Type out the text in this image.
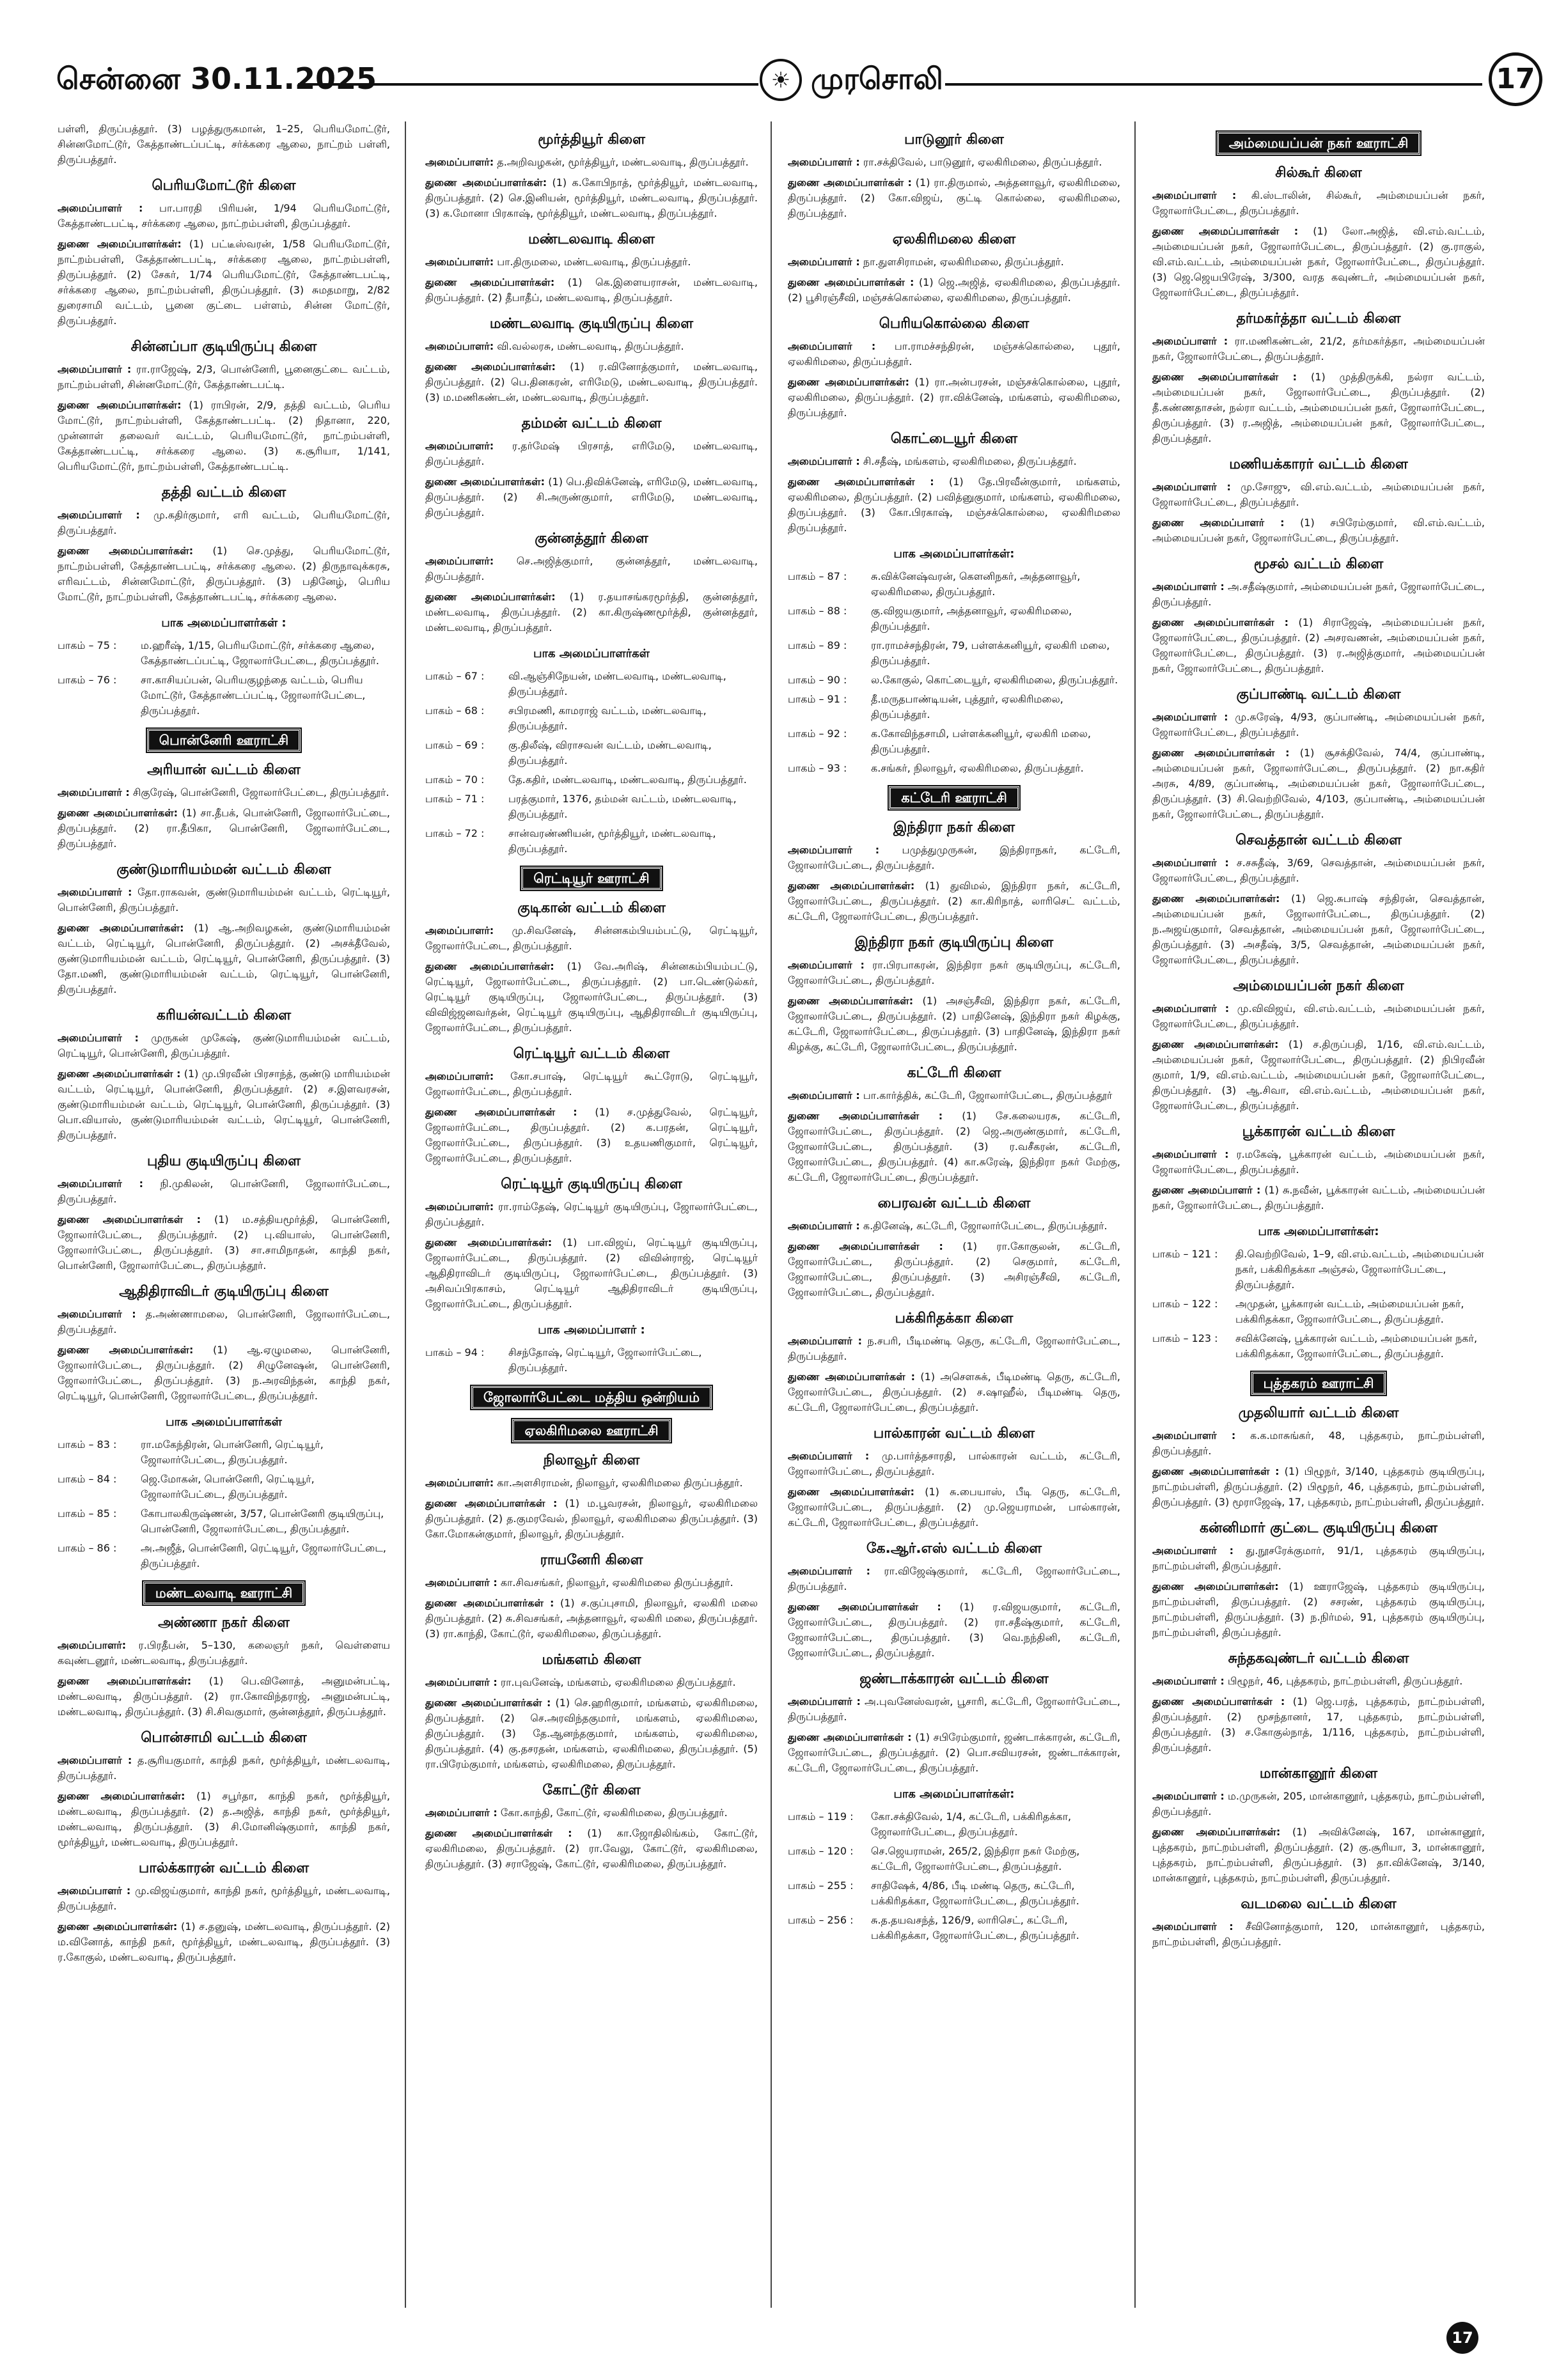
சென்னை 30.11.2025	☀ முரசொலி	17

பள்ளி, திருப்பத்தூர். (3) பழத்துருகமான், 1–25, பெரியமோட்டூர், சின்னமோட்டூர், கேத்தாண்டப்பட்டி, சர்க்கரை ஆலை, நாட்றம் பள்ளி, திருப்பத்தூர்.

பெரியமோட்டூர் கிளை

அமைப்பாளர் : பா.பாரதி பிரியன், 1/94 பெரியமோட்டூர், கேத்தாண்டபட்டி, சர்க்கரை ஆலை, நாட்றம்பள்ளி, திருப்பத்தூர்.

துணை அமைப்பாளர்கள்: (1) பட்டீஸ்வரன், 1/58 பெரியமோட்டூர், நாட்றம்பள்ளி, கேத்தாண்டபட்டி, சர்க்கரை ஆலை, நாட்றம்பள்ளி, திருப்பத்தூர். (2) சேகர், 1/74 பெரியமோட்டூர், கேத்தாண்டபட்டி, சர்க்கரை ஆலை, நாட்றம்பள்ளி, திருப்பத்தூர். (3) சுமதமாறு, 2/82 துரைசாமி வட்டம், பூனை குட்டை பள்ளம், சின்ன மோட்டூர், திருப்பத்தூர்.

சின்னப்பா குடியிருப்பு கிளை

அமைப்பாளர் : ரா.ராஜேஷ், 2/3, பொன்னேரி, பூனைகுட்டை வட்டம், நாட்றம்பள்ளி, சின்னமோட்டூர், கேத்தாண்டபட்டி.

துணை அமைப்பாளர்கள்: (1) ராபிரன், 2/9, தத்தி வட்டம், பெரிய மோட்டூர், நாட்றம்பள்ளி, கேத்தாண்டபட்டி. (2) நிதானா, 220, முன்னாள் தலைவர் வட்டம், பெரியமோட்டூர், நாட்றம்பள்ளி, கேத்தாண்டபட்டி, சர்க்கரை ஆலை. (3) க.சூரியா, 1/141, பெரியமோட்டூர், நாட்றம்பள்ளி, கேத்தாண்டபட்டி.

தத்தி வட்டம் கிளை

அமைப்பாளர் : மு.கதிர்குமார், எரி வட்டம், பெரியமோட்டூர், திருப்பத்தூர்.

துணை அமைப்பாளர்கள்: (1) செ.முத்து, பெரியமோட்டூர், நாட்றம்பள்ளி, கேத்தாண்டபட்டி, சர்க்கரை ஆலை. (2) திருநாவுக்கரசு, எரிவட்டம், சின்னமோட்டூர், திருப்பத்தூர். (3) பதினேழ், பெரிய மோட்டூர், நாட்றம்பள்ளி, கேத்தாண்டபட்டி, சர்க்கரை ஆலை.

பாக அமைப்பாளர்கள் :
பாகம் – 75 :	ம.ஹரீஷ், 1/15, பெரியமோட்டூர், சர்க்கரை ஆலை, கேத்தாண்டப்பட்டி, ஜோலார்பேட்டை, திருப்பத்தூர்.
பாகம் – 76 :	சா.காசியப்பன், பெரியகுழந்தை வட்டம், பெரிய மோட்டூர், கேத்தாண்டப்பட்டி, ஜோலார்பேட்டை, திருப்பத்தூர்.
பொன்னேரி ஊராட்சி
அரியான் வட்டம் கிளை

அமைப்பாளர் : சிகுரேஷ், பொன்னேரி, ஜோலார்பேட்டை, திருப்பத்தூர்.

துணை அமைப்பாளர்கள்: (1) சா.தீபக், பொன்னேரி, ஜோலார்பேட்டை, திருப்பத்தூர். (2) ரா.தீபிகா, பொன்னேரி, ஜோலார்பேட்டை, திருப்பத்தூர்.

குண்டுமாரியம்மன் வட்டம் கிளை

அமைப்பாளர் : தோ.ராகவன், குண்டுமாரியம்மன் வட்டம், ரெட்டியூர், பொன்னேரி, திருப்பத்தூர்.

துணை அமைப்பாளர்கள்: (1) ஆ.அறிவழகன், குண்டுமாரியம்மன் வட்டம், ரெட்டியூர், பொன்னேரி, திருப்பத்தூர். (2) அசக்தீவேல், குண்டுமாரியம்மன் வட்டம், ரெட்டியூர், பொன்னேரி, திருப்பத்தூர். (3) தோ.மணி, குண்டுமாரியம்மன் வட்டம், ரெட்டியூர், பொன்னேரி, திருப்பத்தூர்.

கரியன்வட்டம் கிளை

அமைப்பாளர் : முருகன் முகேஷ், குண்டுமாரியம்மன் வட்டம், ரெட்டியூர், பொன்னேரி, திருப்பத்தூர்.

துணை அமைப்பாளர்கள் : (1) மு.பிரவீன் பிரசாந்த், குண்டு மாரியம்மன் வட்டம், ரெட்டியூர், பொன்னேரி, திருப்பத்தூர். (2) ச.இளவரசன், குண்டுமாரியம்மன் வட்டம், ரெட்டியூர், பொன்னேரி, திருப்பத்தூர். (3) பொ.வியாஸ், குண்டுமாரியம்மன் வட்டம், ரெட்டியூர், பொன்னேரி, திருப்பத்தூர்.

புதிய குடியிருப்பு கிளை

அமைப்பாளர் : நி.முகிலன், பொன்னேரி, ஜோலார்பேட்டை, திருப்பத்தூர்.

துணை அமைப்பாளர்கள் : (1) ம.சத்தியமூர்த்தி, பொன்னேரி, ஜோலார்பேட்டை, திருப்பத்தூர். (2) பு.வியாஸ், பொன்னேரி, ஜோலார்பேட்டை, திருப்பத்தூர். (3) சா.சாமிநாதன், காந்தி நகர், பொன்னேரி, ஜோலார்பேட்டை, திருப்பத்தூர்.

ஆதிதிராவிடர் குடியிருப்பு கிளை

அமைப்பாளர் : த.அண்ணாமலை, பொன்னேரி, ஜோலார்பேட்டை, திருப்பத்தூர்.

துணை அமைப்பாளர்கள்: (1) ஆ.ஏழுமலை, பொன்னேரி, ஜோலார்பேட்டை, திருப்பத்தூர். (2) சிழுனேஷன், பொன்னேரி, ஜோலார்பேட்டை, திருப்பத்தூர். (3) ந.அரவிந்தன், காந்தி நகர், ரெட்டியூர், பொன்னேரி, ஜோலார்பேட்டை, திருப்பத்தூர்.

பாக அமைப்பாளர்கள்
பாகம் – 83 :	ரா.மகேந்திரன், பொன்னேரி, ரெட்டியூர், ஜோலார்பேட்டை, திருப்பத்தூர்.
பாகம் – 84 :	ஜெ.மோகன், பொன்னேரி, ரெட்டியூர், ஜோலார்பேட்டை, திருப்பத்தூர்.
பாகம் – 85 :	கோபாலகிருஷ்ணன், 3/57, பொன்னேரி குடியிருப்பு, பொன்னேரி, ஜோலார்பேட்டை, திருப்பத்தூர்.
பாகம் – 86 :	அ.அஜீத், பொன்னேரி, ரெட்டியூர், ஜோலார்பேட்டை, திருப்பத்தூர்.
மண்டலவாடி ஊராட்சி
அண்ணா நகர் கிளை

அமைப்பாளர்: ர.பிரதீபன், 5–130, கலைஞர் நகர், வெள்ளைய கவுண்டனூர், மண்டலவாடி, திருப்பத்தூர்.

துணை அமைப்பாளர்கள்: (1) பெ.வினோத், அனுமன்பட்டி, மண்டலவாடி, திருப்பத்தூர். (2) ரா.கோவிந்தராஜ், அனுமன்பட்டி, மண்டலவாடி, திருப்பத்தூர். (3) சி.சிவகுமார், குன்னத்தூர், திருப்பத்தூர்.

பொன்சாமி வட்டம் கிளை

அமைப்பாளர் : த.சூரியகுமார், காந்தி நகர், மூர்த்தியூர், மண்டலவாடி, திருப்பத்தூர்.

துணை அமைப்பாளர்கள்: (1) சபூர்தா, காந்தி நகர், மூர்த்தியூர், மண்டலவாடி, திருப்பத்தூர். (2) த.அஜித், காந்தி நகர், மூர்த்தியூர், மண்டலவாடி, திருப்பத்தூர். (3) சி.மோனிஷ்குமார், காந்தி நகர், மூர்த்தியூர், மண்டலவாடி, திருப்பத்தூர்.

பால்க்காரன் வட்டம் கிளை

அமைப்பாளர் : மு.விஜய்குமார், காந்தி நகர், மூர்த்தியூர், மண்டலவாடி, திருப்பத்தூர்.

துணை அமைப்பாளர்கள்: (1) ச.தனுஷ், மண்டலவாடி, திருப்பத்தூர். (2) ம.வினோத், காந்தி நகர், மூர்த்தியூர், மண்டலவாடி, திருப்பத்தூர். (3) ர.கோகுல், மண்டலவாடி, திருப்பத்தூர்.

மூர்த்தியூர் கிளை

அமைப்பாளர்: த.அறிவழகன், மூர்த்தியூர், மண்டலவாடி, திருப்பத்தூர்.

துணை அமைப்பாளர்கள்: (1) க.கோபிநாத், மூர்த்தியூர், மண்டலவாடி, திருப்பத்தூர். (2) செ.இனியன், மூர்த்தியூர், மண்டலவாடி, திருப்பத்தூர். (3) க.மோனா பிரகாஷ், மூர்த்தியூர், மண்டலவாடி, திருப்பத்தூர்.

மண்டலவாடி கிளை

அமைப்பாளர்: பா.திருமலை, மண்டலவாடி, திருப்பத்தூர்.

துணை அமைப்பாளர்கள்: (1) கெ.இளையராசன், மண்டலவாடி, திருப்பத்தூர். (2) தீபாதீப், மண்டலவாடி, திருப்பத்தூர்.

மண்டலவாடி குடியிருப்பு கிளை

அமைப்பாளர்: வி.வல்லரசு, மண்டலவாடி, திருப்பத்தூர்.

துணை அமைப்பாளர்கள்: (1) ர.வினோத்குமார், மண்டலவாடி, திருப்பத்தூர். (2) பெ.தினகரன், எரிமேடு, மண்டலவாடி, திருப்பத்தூர். (3) ம.மணிகண்டன், மண்டலவாடி, திருப்பத்தூர்.

தம்மன் வட்டம் கிளை

அமைப்பாளர்: ர.தர்மேஷ் பிரசாத், எரிமேடு, மண்டலவாடி, திருப்பத்தூர்.

துணை அமைப்பாளர்கள்: (1) பெ.திவிக்னேஷ், எரிமேடு, மண்டலவாடி, திருப்பத்தூர். (2) சி.அருண்குமார், எரிமேடு, மண்டலவாடி, திருப்பத்தூர்.

குன்னத்தூர் கிளை

அமைப்பாளர்: செ.அஜித்குமார், குன்னத்தூர், மண்டலவாடி, திருப்பத்தூர்.

துணை அமைப்பாளர்கள்: (1) ர.தயாசங்கரமூர்த்தி, குன்னத்தூர், மண்டலவாடி, திருப்பத்தூர். (2) கா.கிருஷ்ணமூர்த்தி, குன்னத்தூர், மண்டலவாடி, திருப்பத்தூர்.

பாக அமைப்பாளர்கள்
பாகம் – 67 :	வி.ஆஞ்சிநேயன், மண்டலவாடி, மண்டலவாடி, திருப்பத்தூர்.
பாகம் – 68 :	சபிரமணி, காமராஜ் வட்டம், மண்டலவாடி, திருப்பத்தூர்.
பாகம் – 69 :	கு.திலீஷ், விராசவன் வட்டம், மண்டலவாடி, திருப்பத்தூர்.
பாகம் – 70 :	தே.கதிர், மண்டலவாடி, மண்டலவாடி, திருப்பத்தூர்.
பாகம் – 71 :	பரத்குமார், 1376, தம்மன் வட்டம், மண்டலவாடி, திருப்பத்தூர்.
பாகம் – 72 :	சான்வரண்ணியன், மூர்த்தியூர், மண்டலவாடி, திருப்பத்தூர்.
ரெட்டியூர் ஊராட்சி
குடிகான் வட்டம் கிளை

அமைப்பாளர்: மு.சிவனேஷ், சின்னகம்பியம்பட்டு, ரெட்டியூர், ஜோலார்பேட்டை, திருப்பத்தூர்.

துணை அமைப்பாளர்கள்: (1) வே.அரிஷ், சின்னகம்பியம்பட்டு, ரெட்டியூர், ஜோலார்பேட்டை, திருப்பத்தூர். (2) பா.டெண்டுல்கர், ரெட்டியூர் குடியிருப்பு, ஜோலார்பேட்டை, திருப்பத்தூர். (3) விவிஜ்ஜனவர்தன், ரெட்டியூர் குடியிருப்பு, ஆதிதிராவிடர் குடியிருப்பு, ஜோலார்பேட்டை, திருப்பத்தூர்.

ரெட்டியூர் வட்டம் கிளை

அமைப்பாளர்: கோ.சபாஷ், ரெட்டியூர் கூட்ரோடு, ரெட்டியூர், ஜோலார்பேட்டை, திருப்பத்தூர்.

துணை அமைப்பாளர்கள் : (1) ச.முத்துவேல், ரெட்டியூர், ஜோலார்பேட்டை, திருப்பத்தூர். (2) க.பரதன், ரெட்டியூர், ஜோலார்பேட்டை, திருப்பத்தூர். (3) உதயணிகுமார், ரெட்டியூர், ஜோலார்பேட்டை, திருப்பத்தூர்.

ரெட்டியூர் குடியிருப்பு கிளை

அமைப்பாளர்: ரா.ராம்தேஷ், ரெட்டியூர் குடியிருப்பு, ஜோலார்பேட்டை, திருப்பத்தூர்.

துணை அமைப்பாளர்கள்: (1) பா.விஜய், ரெட்டியூர் குடியிருப்பு, ஜோலார்பேட்டை, திருப்பத்தூர். (2) விவின்ராஜ், ரெட்டியூர் ஆதிதிராவிடர் குடியிருப்பு, ஜோலார்பேட்டை, திருப்பத்தூர். (3) அசிவப்பிரகாசம், ரெட்டியூர் ஆதிதிராவிடர் குடியிருப்பு, ஜோலார்பேட்டை, திருப்பத்தூர்.

பாக அமைப்பாளர் :
பாகம் – 94 :	சிசந்தோஷ், ரெட்டியூர், ஜோலார்பேட்டை, திருப்பத்தூர்.
ஜோலார்பேட்டை மத்திய ஒன்றியம்
ஏலகிரிமலை ஊராட்சி
நிலாவூர் கிளை

அமைப்பாளர்: கா.அளசிராமன், நிலாவூர், ஏலகிரிமலை திருப்பத்தூர்.

துணை அமைப்பாளர்கள் : (1) ம.பூவரசன், நிலாவூர், ஏலகிரிமலை திருப்பத்தூர். (2) த.குமரவேல், நிலாவூர், ஏலகிரிமலை திருப்பத்தூர். (3) கோ.மோகன்குமார், நிலாவூர், திருப்பத்தூர்.

ராயனேரி கிளை

அமைப்பாளர் : கா.சிவசங்கர், நிலாவூர், ஏலகிரிமலை திருப்பத்தூர்.

துணை அமைப்பாளர்கள் : (1) ச.குப்புசாமி, நிலாவூர், ஏலகிரி மலை திருப்பத்தூர். (2) சு.சிவசங்கர், அத்தனாவூர், ஏலகிரி மலை, திருப்பத்தூர். (3) ரா.காந்தி, கோட்டூர், ஏலகிரிமலை, திருப்பத்தூர்.

மங்களம் கிளை

அமைப்பாளர் : ரா.புவனேஷ், மங்களம், ஏலகிரிமலை திருப்பத்தூர்.

துணை அமைப்பாளர்கள் : (1) செ.ஹரிகுமார், மங்களம், ஏலகிரிமலை, திருப்பத்தூர். (2) செ.அரவிந்தகுமார், மங்களம், ஏலகிரிமலை, திருப்பத்தூர். (3) தே.ஆனந்தகுமார், மங்களம், ஏலகிரிமலை, திருப்பத்தூர். (4) கு.தசரதன், மங்களம், ஏலகிரிமலை, திருப்பத்தூர். (5) ரா.பிரேம்குமார், மங்களம், ஏலகிரிமலை, திருப்பத்தூர்.

கோட்டூர் கிளை

அமைப்பாளர் : கோ.காந்தி, கோட்டூர், ஏலகிரிமலை, திருப்பத்தூர்.

துணை அமைப்பாளர்கள் : (1) கா.ஜோதிலிங்கம், கோட்டூர், ஏலகிரிமலை, திருப்பத்தூர். (2) ரா.வேலு, கோட்டூர், ஏலகிரிமலை, திருப்பத்தூர். (3) சராஜேஷ், கோட்டூர், ஏலகிரிமலை, திருப்பத்தூர்.

பாடுனூர் கிளை

அமைப்பாளர் : ரா.சக்திவேல், பாடுனூர், ஏலகிரிமலை, திருப்பத்தூர்.

துணை அமைப்பாளர்கள் : (1) ரா.திருமால், அத்தனாவூர், ஏலகிரிமலை, திருப்பத்தூர். (2) கோ.விஜய், குட்டி கொல்லை, ஏலகிரிமலை, திருப்பத்தூர்.

ஏலகிரிமலை கிளை

அமைப்பாளர் : நா.துளசிராமன், ஏலகிரிமலை, திருப்பத்தூர்.

துணை அமைப்பாளர்கள் : (1) ஜெ.அஜித், ஏலகிரிமலை, திருப்பத்தூர். (2) பூசிரஞ்சீவி, மஞ்சக்கொல்லை, ஏலகிரிமலை, திருப்பத்தூர்.

பெரியகொல்லை கிளை

அமைப்பாளர் : பா.ராமச்சந்திரன், மஞ்சக்கொல்லை, புதூர், ஏலகிரிமலை, திருப்பத்தூர்.

துணை அமைப்பாளர்கள்: (1) ரா.அன்பரசன், மஞ்சக்கொல்லை, புதூர், ஏலகிரிமலை, திருப்பத்தூர். (2) ரா.விக்னேஷ், மங்களம், ஏலகிரிமலை, திருப்பத்தூர்.

கொட்டையூர் கிளை

அமைப்பாளர் : சி.சதீஷ், மங்களம், ஏலகிரிமலை, திருப்பத்தூர்.

துணை அமைப்பாளர்கள் : (1) தே.பிரவீன்குமார், மங்களம், ஏலகிரிமலை, திருப்பத்தூர். (2) பவித்னுகுமார், மங்களம், ஏலகிரிமலை, திருப்பத்தூர். (3) கோ.பிரகாஷ், மஞ்சக்கொல்லை, ஏலகிரிமலை திருப்பத்தூர்.

பாக அமைப்பாளர்கள்:
பாகம் – 87 :	சு.விக்னேஷ்வரன், கௌனிநகர், அத்தனாவூர், ஏலகிரிமலை, திருப்பத்தூர்.
பாகம் – 88 :	கு.விஜயகுமார், அத்தனாவூர், ஏலகிரிமலை, திருப்பத்தூர்.
பாகம் – 89 :	ரா.ராமச்சந்திரன், 79, பள்ளக்கனியூர், ஏலகிரி மலை, திருப்பத்தூர்.
பாகம் – 90 :	ல.கோகுல், கொட்டையூர், ஏலகிரிமலை, திருப்பத்தூர்.
பாகம் – 91 :	தீ.மருதபாண்டியன், புத்தூர், ஏலகிரிமலை, திருப்பத்தூர்.
பாகம் – 92 :	க.கோவிந்தசாமி, பள்ளக்கனியூர், ஏலகிரி மலை, திருப்பத்தூர்.
பாகம் – 93 :	க.சங்கர், நிலாவூர், ஏலகிரிமலை, திருப்பத்தூர்.
கட்டேரி ஊராட்சி
இந்திரா நகர் கிளை

அமைப்பாளர் : பமுத்துமுருகன், இந்திராநகர், கட்டேரி, ஜோலார்பேட்டை, திருப்பத்தூர்.

துணை அமைப்பாளர்கள்: (1) துவிமல், இந்திரா நகர், கட்டேரி, ஜோலார்பேட்டை, திருப்பத்தூர். (2) கா.கிரிநாத், லாரிசெட் வட்டம், கட்டேரி, ஜோலார்பேட்டை, திருப்பத்தூர்.

இந்திரா நகர் குடியிருப்பு கிளை

அமைப்பாளர் : ரா.பிரபாகரன், இந்திரா நகர் குடியிருப்பு, கட்டேரி, ஜோலார்பேட்டை, திருப்பத்தூர்.

துணை அமைப்பாளர்கள்: (1) அசஞ்சீவி, இந்திரா நகர், கட்டேரி, ஜோலார்பேட்டை, திருப்பத்தூர். (2) பாதினேஷ், இந்திரா நகர் கிழக்கு, கட்டேரி, ஜோலார்பேட்டை, திருப்பத்தூர். (3) பாதினேஷ், இந்திரா நகர் கிழக்கு, கட்டேரி, ஜோலார்பேட்டை, திருப்பத்தூர்.

கட்டேரி கிளை

அமைப்பாளர் : பா.கார்த்திக், கட்டேரி, ஜோலார்பேட்டை, திருப்பத்தூர்

துணை அமைப்பாளர்கள் : (1) சே.கலையரசு, கட்டேரி, ஜோலார்பேட்டை, திருப்பத்தூர். (2) ஜெ.அருண்குமார், கட்டேரி, ஜோலார்பேட்டை, திருப்பத்தூர். (3) ர.வசீகரன், கட்டேரி, ஜோலார்பேட்டை, திருப்பத்தூர். (4) கா.சுரேஷ், இந்திரா நகர் மேற்கு, கட்டேரி, ஜோலார்பேட்டை, திருப்பத்தூர்.

பைரவன் வட்டம் கிளை

அமைப்பாளர் : க.தினேஷ், கட்டேரி, ஜோலார்பேட்டை, திருப்பத்தூர்.

துணை அமைப்பாளர்கள் : (1) ரா.கோகுலன், கட்டேரி, ஜோலார்பேட்டை, திருப்பத்தூர். (2) செகுமார், கட்டேரி, ஜோலார்பேட்டை, திருப்பத்தூர். (3) அசிரஞ்சீவி, கட்டேரி, ஜோலார்பேட்டை, திருப்பத்தூர்.

பக்கிரிதக்கா கிளை

அமைப்பாளர் : ந.சபரி, பீடிமண்டி தெரு, கட்டேரி, ஜோலார்பேட்டை, திருப்பத்தூர்.

துணை அமைப்பாளர்கள் : (1) அசௌசுக், பீடிமண்டி தெரு, கட்டேரி, ஜோலார்பேட்டை, திருப்பத்தூர். (2) ச.ஷாஹீல், பீடிமண்டி தெரு, கட்டேரி, ஜோலார்பேட்டை, திருப்பத்தூர்.

பால்காரன் வட்டம் கிளை

அமைப்பாளர் : மு.பார்த்தசாரதி, பால்காரன் வட்டம், கட்டேரி, ஜோலார்பேட்டை, திருப்பத்தூர்.

துணை அமைப்பாளர்கள்: (1) சு.பையாஸ், பீடி தெரு, கட்டேரி, ஜோலார்பேட்டை, திருப்பத்தூர். (2) மு.ஜெயராமன், பால்காரன், கட்டேரி, ஜோலார்பேட்டை, திருப்பத்தூர்.

கே.ஆர்.எஸ் வட்டம் கிளை

அமைப்பாளர் : ரா.விஜேஷ்குமார், கட்டேரி, ஜோலார்பேட்டை, திருப்பத்தூர்.

துணை அமைப்பாளர்கள் : (1) ர.விஜயகுமார், கட்டேரி, ஜோலார்பேட்டை, திருப்பத்தூர். (2) ரா.சதீஷ்குமார், கட்டேரி, ஜோலார்பேட்டை, திருப்பத்தூர். (3) வெ.நந்தினி, கட்டேரி, ஜோலார்பேட்டை, திருப்பத்தூர்.

ஜண்டாக்காரன் வட்டம் கிளை

அமைப்பாளர் : அ.புவனேஸ்வரன், பூசாரி, கட்டேரி, ஜோலார்பேட்டை, திருப்பத்தூர்.

துணை அமைப்பாளர்கள் : (1) சபிரேம்குமார், ஜண்டாக்காரன், கட்டேரி, ஜோலார்பேட்டை, திருப்பத்தூர். (2) பொ.சவியரசன், ஜண்டாக்காரன், கட்டேரி, ஜோலார்பேட்டை, திருப்பத்தூர்.

பாக அமைப்பாளர்கள்:
பாகம் – 119 :	கோ.சக்திவேல், 1/4, கட்டேரி, பக்கிரிதக்கா, ஜோலார்பேட்டை, திருப்பத்தூர்.
பாகம் – 120 :	செ.ஜெயராமன், 265/2, இந்திரா நகர் மேற்கு, கட்டேரி, ஜோலார்பேட்டை, திருப்பத்தூர்.
பாகம் – 255 :	சாதிஷேக், 4/86, பீடி மண்டி தெரு, கட்டேரி, பக்கிரிதக்கா, ஜோலார்பேட்டை, திருப்பத்தூர்.
பாகம் – 256 :	சு.த.தயவசந்த், 126/9, லாரிசெட், கட்டேரி, பக்கிரிதக்கா, ஜோலார்பேட்டை, திருப்பத்தூர்.
அம்மையப்பன் நகர் ஊராட்சி
சில்கூர் கிளை

அமைப்பாளர் : கி.ஸ்டாலின், சில்கூர், அம்மையப்பன் நகர், ஜோலார்பேட்டை, திருப்பத்தூர்.

துணை அமைப்பாளர்கள் : (1) லோ.அஜித், வி.எம்.வட்டம், அம்மையப்பன் நகர், ஜோலார்பேட்டை, திருப்பத்தூர். (2) கு.ராகுல், வி.எம்.வட்டம், அம்மையப்பன் நகர், ஜோலார்பேட்டை, திருப்பத்தூர். (3) ஜெ.ஜெயபிரேஷ், 3/300, வரத கவுண்டர், அம்மையப்பன் நகர், ஜோலார்பேட்டை, திருப்பத்தூர்.

தர்மகர்த்தா வட்டம் கிளை

அமைப்பாளர் : ரா.மணிகண்டன், 21/2, தர்மகர்த்தா, அம்மையப்பன் நகர், ஜோலார்பேட்டை, திருப்பத்தூர்.

துணை அமைப்பாளர்கள் : (1) முத்திருக்கி, நல்ரா வட்டம், அம்மையப்பன் நகர், ஜோலார்பேட்டை, திருப்பத்தூர். (2) தீ.கண்ணதாசன், நல்ரா வட்டம், அம்மையப்பன் நகர், ஜோலார்பேட்டை, திருப்பத்தூர். (3) ர.அஜித், அம்மையப்பன் நகர், ஜோலார்பேட்டை, திருப்பத்தூர்.

மணியக்காரர் வட்டம் கிளை

அமைப்பாளர் : மு.சோஜு, வி.எம்.வட்டம், அம்மையப்பன் நகர், ஜோலார்பேட்டை, திருப்பத்தூர்.

துணை அமைப்பாளர் : (1) சபிரேம்குமார், வி.எம்.வட்டம், அம்மையப்பன் நகர், ஜோலார்பேட்டை, திருப்பத்தூர்.

மூசல் வட்டம் கிளை

அமைப்பாளர் : அ.சதீஷ்குமார், அம்மையப்பன் நகர், ஜோலார்பேட்டை, திருப்பத்தூர்.

துணை அமைப்பாளர்கள் : (1) சிராஜேஷ், அம்மையப்பன் நகர், ஜோலார்பேட்டை, திருப்பத்தூர். (2) அசரவணன், அம்மையப்பன் நகர், ஜோலார்பேட்டை, திருப்பத்தூர். (3) ர.அஜித்குமார், அம்மையப்பன் நகர், ஜோலார்பேட்டை, திருப்பத்தூர்.

குப்பாண்டி வட்டம் கிளை

அமைப்பாளர் : மு.சுரேஷ், 4/93, குப்பாண்டி, அம்மையப்பன் நகர், ஜோலார்பேட்டை, திருப்பத்தூர்.

துணை அமைப்பாளர்கள் : (1) சூசக்திவேல், 74/4, குப்பாண்டி, அம்மையப்பன் நகர், ஜோலார்பேட்டை, திருப்பத்தூர். (2) நா.கதிர் அரசு, 4/89, குப்பாண்டி, அம்மையப்பன் நகர், ஜோலார்பேட்டை, திருப்பத்தூர். (3) சி.வெற்றிவேல், 4/103, குப்பாண்டி, அம்மையப்பன் நகர், ஜோலார்பேட்டை, திருப்பத்தூர்.

செவத்தான் வட்டம் கிளை

அமைப்பாளர் : ச.சசுதீஷ், 3/69, செவத்தான், அம்மையப்பன் நகர், ஜோலார்பேட்டை, திருப்பத்தூர்.

துணை அமைப்பாளர்கள்: (1) ஜெ.சுபாஷ் சந்திரன், செவத்தான், அம்மையப்பன் நகர், ஜோலார்பேட்டை, திருப்பத்தூர். (2) ந.அஜய்குமார், செவத்தான், அம்மையப்பன் நகர், ஜோலார்பேட்டை, திருப்பத்தூர். (3) அசதீஷ், 3/5, செவத்தான், அம்மையப்பன் நகர், ஜோலார்பேட்டை, திருப்பத்தூர்.

அம்மையப்பன் நகர் கிளை

அமைப்பாளர் : மு.விவிஜய், வி.எம்.வட்டம், அம்மையப்பன் நகர், ஜோலார்பேட்டை, திருப்பத்தூர்.

துணை அமைப்பாளர்கள்: (1) ச.திருப்பதி, 1/16, வி.எம்.வட்டம், அம்மையப்பன் நகர், ஜோலார்பேட்டை, திருப்பத்தூர். (2) நிபிரவீன் குமார், 1/9, வி.எம்.வட்டம், அம்மையப்பன் நகர், ஜோலார்பேட்டை, திருப்பத்தூர். (3) ஆ.சிவா, வி.எம்.வட்டம், அம்மையப்பன் நகர், ஜோலார்பேட்டை, திருப்பத்தூர்.

பூக்காரன் வட்டம் கிளை

அமைப்பாளர் : ர.மகேஷ், பூக்காரன் வட்டம், அம்மையப்பன் நகர், ஜோலார்பேட்டை, திருப்பத்தூர்.

துணை அமைப்பாளர் : (1) சு.நவீன், பூக்காரன் வட்டம், அம்மையப்பன் நகர், ஜோலார்பேட்டை, திருப்பத்தூர்.

பாக அமைப்பாளர்கள்:
பாகம் – 121 :	தி.வெற்றிவேல், 1–9, வி.எம்.வட்டம், அம்மையப்பன் நகர், பக்கிரிதக்கா அஞ்சல், ஜோலார்பேட்டை, திருப்பத்தூர்.
பாகம் – 122 :	அமுதன், பூக்காரன் வட்டம், அம்மையப்பன் நகர், பக்கிரிதக்கா, ஜோலார்பேட்டை, திருப்பத்தூர்.
பாகம் – 123 :	சவிக்னேஷ், பூக்காரன் வட்டம், அம்மையப்பன் நகர், பக்கிரிதக்கா, ஜோலார்பேட்டை, திருப்பத்தூர்.
புத்தகரம் ஊராட்சி
முதலியார் வட்டம் கிளை

அமைப்பாளர் : க.க.மாசுங்கர், 48, புத்தகரம், நாட்றம்பள்ளி, திருப்பத்தூர்.

துணை அமைப்பாளர்கள் : (1) பிழூநர், 3/140, புத்தகரம் குடியிருப்பு, நாட்றம்பள்ளி, திருப்பத்தூர். (2) பிழூநர், 46, புத்தகரம், நாட்றம்பள்ளி, திருப்பத்தூர். (3) மூராஜேஷ், 17, புத்தகரம், நாட்றம்பள்ளி, திருப்பத்தூர்.

கன்னிமார் குட்டை குடியிருப்பு கிளை

அமைப்பாளர் : து.நூசரேக்குமார், 91/1, புத்தகரம் குடியிருப்பு, நாட்றம்பள்ளி, திருப்பத்தூர்.

துணை அமைப்பாளர்கள்: (1) ஊராஜேஷ், புத்தகரம் குடியிருப்பு, நாட்றம்பள்ளி, திருப்பத்தூர். (2) சசரண், புத்தகரம் குடியிருப்பு, நாட்றம்பள்ளி, திருப்பத்தூர். (3) ந.நிர்மல், 91, புத்தகரம் குடியிருப்பு, நாட்றம்பள்ளி, திருப்பத்தூர்.

சுந்தகவுண்டர் வட்டம் கிளை

அமைப்பாளர் : பிழூநர், 46, புத்தகரம், நாட்றம்பள்ளி, திருப்பத்தூர்.

துணை அமைப்பாளர்கள் : (1) ஜெ.பரத், புத்தகரம், நாட்றம்பள்ளி, திருப்பத்தூர். (2) மூசந்தானர், 17, புத்தகரம், நாட்றம்பள்ளி, திருப்பத்தூர். (3) ச.கோகுல்நாத், 1/116, புத்தகரம், நாட்றம்பள்ளி, திருப்பத்தூர்.

மான்கானூர் கிளை

அமைப்பாளர் : ம.முருகன், 205, மான்கானூர், புத்தகரம், நாட்றம்பள்ளி, திருப்பத்தூர்.

துணை அமைப்பாளர்கள்: (1) அவிக்னேஷ், 167, மான்கானூர், புத்தகரம், நாட்றம்பள்ளி, திருப்பத்தூர். (2) கு.சூரியா, 3, மான்கானூர், புத்தகரம், நாட்றம்பள்ளி, திருப்பத்தூர். (3) தா.விக்னேஷ், 3/140, மான்கானூர், புத்தகரம், நாட்றம்பள்ளி, திருப்பத்தூர்.

வடமலை வட்டம் கிளை

அமைப்பாளர் : சீவினோத்குமார், 120, மான்கானூர், புத்தகரம், நாட்றம்பள்ளி, திருப்பத்தூர்.

17
